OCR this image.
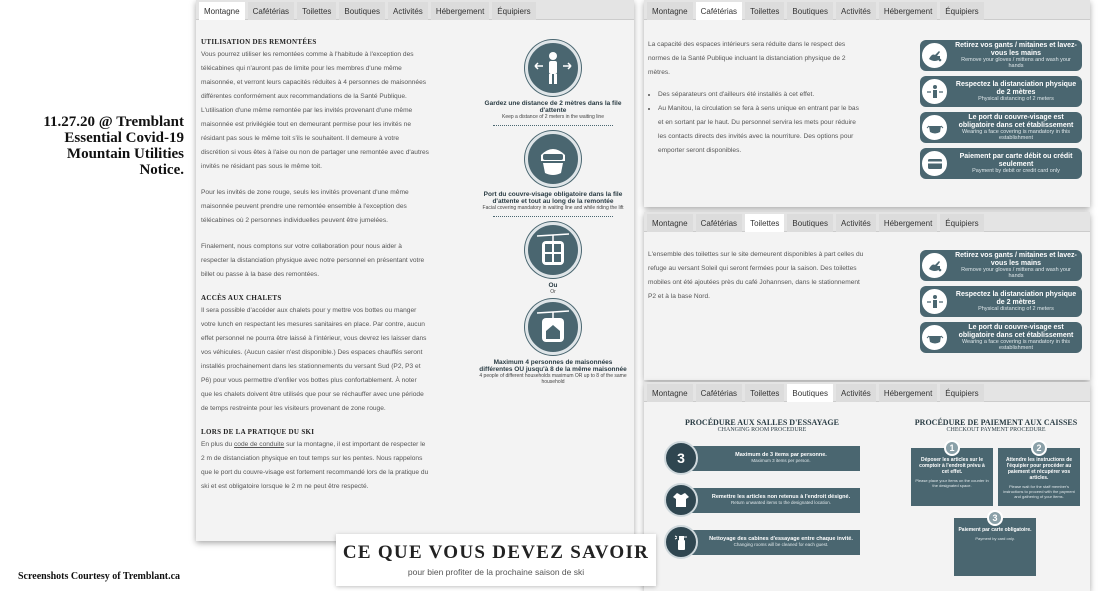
11.27.20 @ Tremblant
Essential Covid-19
Mountain Utilities
Notice.
Screenshots Courtesy of Tremblant.ca
Montagne	Cafétérias	Toilettes	Boutiques	Activités	Hébergement	Équipiers
UTILISATION DES REMONTÉES

Vous pourrez utiliser les remontées comme à l'habitude à l'exception des télécabines qui n'auront pas de limite pour les membres d'une même maisonnée, et verront leurs capacités réduites à 4 personnes de maisonnées différentes conformément aux recommandations de la Santé Publique. L'utilisation d'une même remontée par les invités provenant d'une même maisonnée est privilégiée tout en demeurant permise pour les invités ne résidant pas sous le même toit s'ils le souhaitent. Il demeure à votre discrétion si vous êtes à l'aise ou non de partager une remontée avec d'autres invités ne résidant pas sous le même toit.

Pour les invités de zone rouge, seuls les invités provenant d'une même maisonnée peuvent prendre une remontée ensemble à l'exception des télécabines où 2 personnes individuelles peuvent être jumelées.

Finalement, nous comptons sur votre collaboration pour nous aider à respecter la distanciation physique avec notre personnel en présentant votre billet ou passe à la base des remontées.

ACCÈS AUX CHALETS

Il sera possible d'accéder aux chalets pour y mettre vos bottes ou manger votre lunch en respectant les mesures sanitaires en place. Par contre, aucun effet personnel ne pourra être laissé à l'intérieur, vous devrez les laisser dans vos véhicules. (Aucun casier n'est disponible.) Des espaces chauffés seront installés prochainement dans les stationnements du versant Sud (P2, P3 et P6) pour vous permettre d'enfiler vos bottes plus confortablement. À noter que les chalets doivent être utilisés que pour se réchauffer avec une période de temps restreinte pour les visiteurs provenant de zone rouge.

LORS DE LA PRATIQUE DU SKI

En plus du code de conduite sur la montagne, il est important de respecter le 2 m de distanciation physique en tout temps sur les pentes. Nous rappelons que le port du couvre-visage est fortement recommandé lors de la pratique du ski et est obligatoire lorsque le 2 m ne peut être respecté.

Gardez une distance de 2 mètres dans la file d'attente
Keep a distance of 2 meters in the waiting line
Port du couvre-visage obligatoire dans la file d'attente et tout au long de la remontée
Facial covering mandatory in waiting line and while riding the lift
Ou
Or
Maximum 4 personnes de maisonnées différentes OU jusqu'à 8 de la même maisonnée
4 people of different households maximum OR up to 8 of the same household
Montagne	Cafétérias	Toilettes	Boutiques	Activités	Hébergement	Équipiers

La capacité des espaces intérieurs sera réduite dans le respect des normes de la Santé Publique incluant la distanciation physique de 2 mètres.

• Des séparateurs ont d'ailleurs été installés à cet effet.
• Au Manitou, la circulation se fera à sens unique en entrant par le bas et en sortant par le haut. Du personnel servira les mets pour réduire les contacts directs des invités avec la nourriture. Des options pour emporter seront disponibles.
Retirez vos gants / mitaines et lavez-vous les mains
Remove your gloves / mittens and wash your hands
Respectez la distanciation physique de 2 mètres
Physical distancing of 2 meters
Le port du couvre-visage est obligatoire dans cet établissement
Wearing a face covering is mandatory in this establishment
Paiement par carte débit ou crédit seulement
Payment by debit or credit card only
Montagne	Cafétérias	Toilettes	Boutiques	Activités	Hébergement	Équipiers

L'ensemble des toilettes sur le site demeurent disponibles à part celles du refuge au versant Soleil qui seront fermées pour la saison. Des toilettes mobiles ont été ajoutées près du café Johannsen, dans le stationnement P2 et à la base Nord.

Retirez vos gants / mitaines et lavez-vous les mains
Remove your gloves / mittens and wash your hands
Respectez la distanciation physique de 2 mètres
Physical distancing of 2 meters
Le port du couvre-visage est obligatoire dans cet établissement
Wearing a face covering is mandatory in this establishment
Montagne	Cafétérias	Toilettes	Boutiques	Activités	Hébergement	Équipiers
PROCÉDURE AUX SALLES D'ESSAYAGE
CHANGING ROOM PROCEDURE
3	Maximum de 3 items par personne.
Maximum 3 items per person.
Remettre les articles non retenus à l'endroit désigné.
Return unwanted items to the designated location.
Nettoyage des cabines d'essayage entre chaque invité.
Changing rooms will be cleaned for each guest.
PROCÉDURE DE PAIEMENT AUX CAISSES
CHECKOUT PAYMENT PROCEDURE
Déposer les articles sur le comptoir à l'endroit prévu à cet effet.
Please place your items on the counter in the designated space.
1
Attendre les instructions de l'équipier pour procéder au paiement et récupérer vos articles.
Please wait for the staff member's instructions to proceed with the payment and gathering of your items.
2
Paiement par carte obligatoire.
Payment by card only.
3
CE QUE VOUS DEVEZ SAVOIR
pour bien profiter de la prochaine saison de ski
